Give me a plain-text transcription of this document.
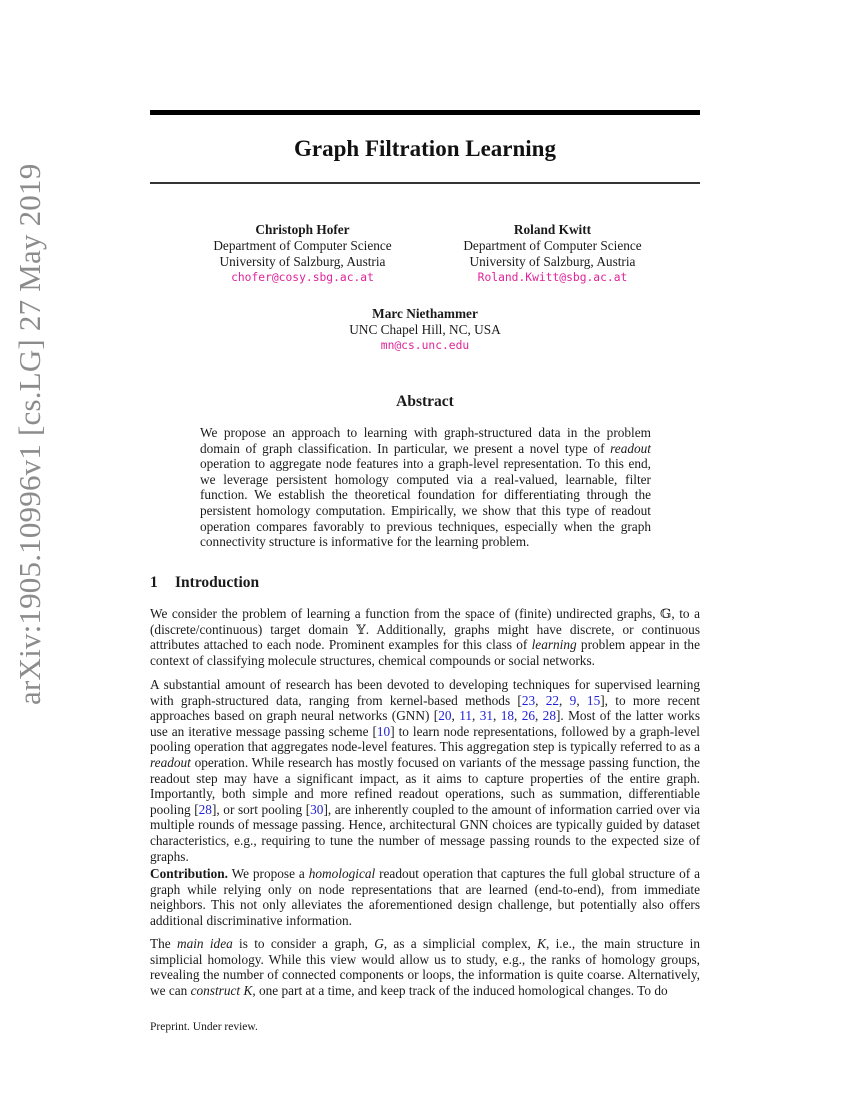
arXiv:1905.10996v1 [cs.LG] 27 May 2019
Graph Filtration Learning
Christoph Hofer
Department of Computer Science
University of Salzburg, Austria
chofer@cosy.sbg.ac.at
Roland Kwitt
Department of Computer Science
University of Salzburg, Austria
Roland.Kwitt@sbg.ac.at
Marc Niethammer
UNC Chapel Hill, NC, USA
mn@cs.unc.edu
Abstract
We propose an approach to learning with graph-structured data in the problem domain of graph classification. In particular, we present a novel type of readout operation to aggregate node features into a graph-level representation. To this end, we leverage persistent homology computed via a real-valued, learnable, filter function. We establish the theoretical foundation for differentiating through the persistent homology computation. Empirically, we show that this type of readout operation compares favorably to previous techniques, especially when the graph connectivity structure is informative for the learning problem.
1 Introduction
We consider the problem of learning a function from the space of (finite) undirected graphs, 𝔾, to a (discrete/continuous) target domain 𝕐. Additionally, graphs might have discrete, or continuous attributes attached to each node. Prominent examples for this class of learning problem appear in the context of classifying molecule structures, chemical compounds or social networks.
A substantial amount of research has been devoted to developing techniques for supervised learning with graph-structured data, ranging from kernel-based methods [23, 22, 9, 15], to more recent approaches based on graph neural networks (GNN) [20, 11, 31, 18, 26, 28]. Most of the latter works use an iterative message passing scheme [10] to learn node representations, followed by a graph-level pooling operation that aggregates node-level features. This aggregation step is typically referred to as a readout operation. While research has mostly focused on variants of the message passing function, the readout step may have a significant impact, as it aims to capture properties of the entire graph. Importantly, both simple and more refined readout operations, such as summation, differentiable pooling [28], or sort pooling [30], are inherently coupled to the amount of information carried over via multiple rounds of message passing. Hence, architectural GNN choices are typically guided by dataset characteristics, e.g., requiring to tune the number of message passing rounds to the expected size of graphs.
Contribution. We propose a homological readout operation that captures the full global structure of a graph while relying only on node representations that are learned (end-to-end), from immediate neighbors. This not only alleviates the aforementioned design challenge, but potentially also offers additional discriminative information.
The main idea is to consider a graph, G, as a simplicial complex, K, i.e., the main structure in simplicial homology. While this view would allow us to study, e.g., the ranks of homology groups, revealing the number of connected components or loops, the information is quite coarse. Alternatively, we can construct K, one part at a time, and keep track of the induced homological changes. To do
Preprint. Under review.
